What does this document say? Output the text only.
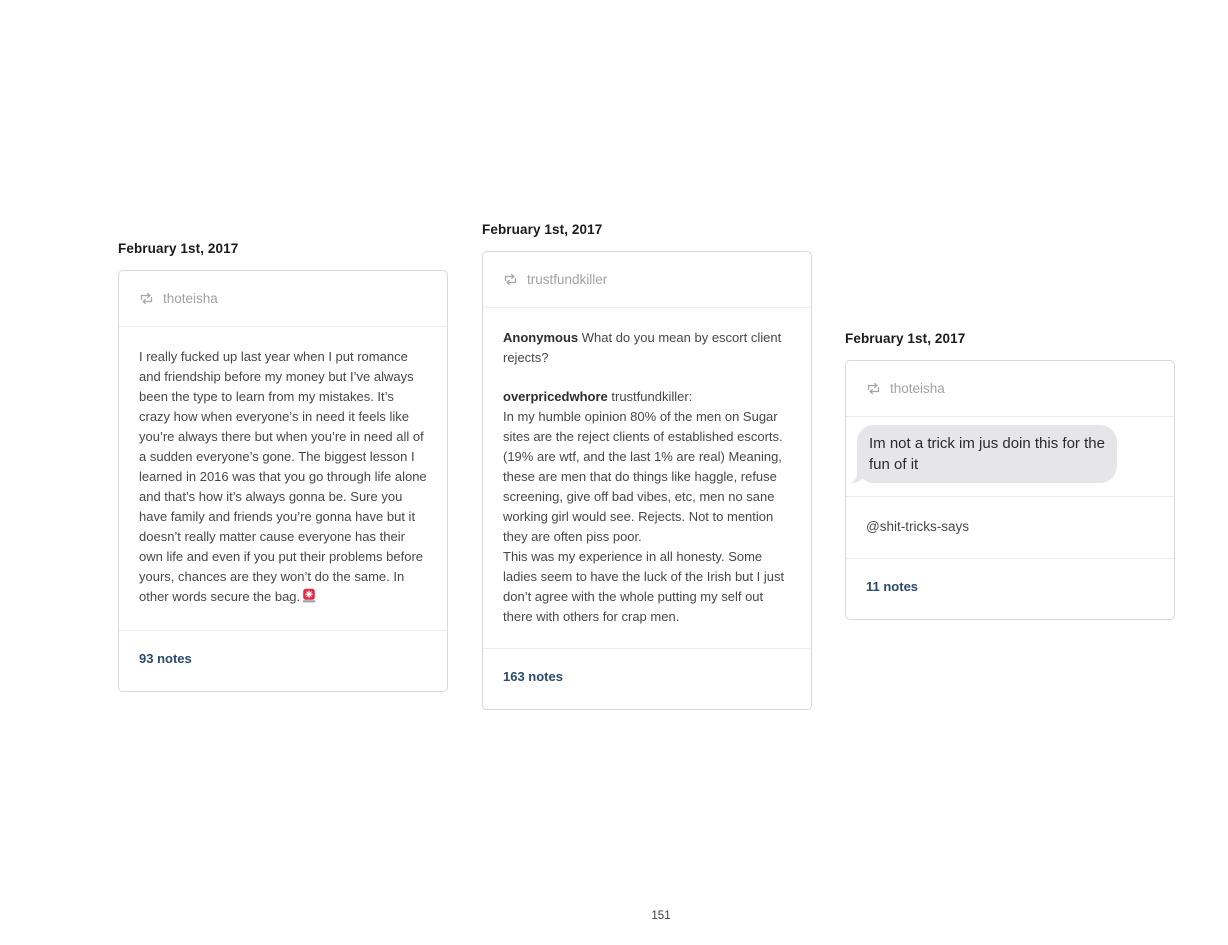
February 1st, 2017
thoteisha

I really fucked up last year when I put romance and friendship before my money but I’ve always been the type to learn from my mistakes. It’s crazy how when everyone’s in need it feels like you’re always there but when you’re in need all of a sudden everyone’s gone. The biggest lesson I learned in 2016 was that you go through life alone and that’s how it’s always gonna be. Sure you have family and friends you’re gonna have but it doesn’t really matter cause everyone has their own life and even if you put their problems before yours, chances are they won’t do the same. In other words secure the bag.

93 notes
February 1st, 2017
trustfundkiller

Anonymous What do you mean by escort client rejects?

overpricedwhore trustfundkiller:
In my humble opinion 80% of the men on Sugar sites are the reject clients of established escorts. (19% are wtf, and the last 1% are real) Meaning, these are men that do things like haggle, refuse screening, give off bad vibes, etc, men no sane working girl would see. Rejects. Not to mention they are often piss poor.
This was my experience in all honesty. Some ladies seem to have the luck of the Irish but I just don’t agree with the whole putting my self out there with others for crap men.

163 notes
February 1st, 2017
thoteisha
Im not a trick im jus doin this for the fun of it
@shit-tricks-says
11 notes
151
